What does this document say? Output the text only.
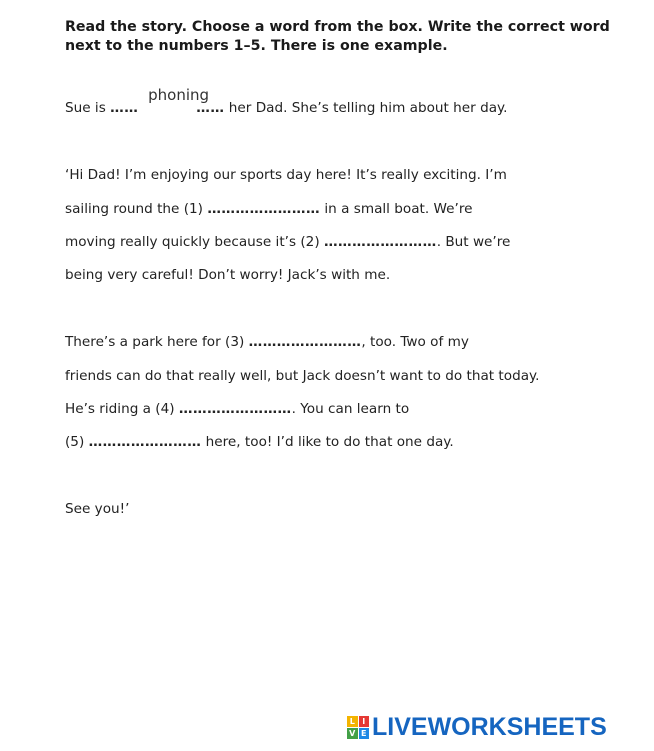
Read the story. Choose a word from the box. Write the correct word next to the numbers 1–5. There is one example.
Sue is ……
phoning
…… her Dad. She’s telling him about her day.
‘Hi Dad! I’m enjoying our sports day here! It’s really exciting. I’m
sailing round the (1) …………………… in a small boat. We’re
moving really quickly because it’s (2) ……………………. But we’re
being very careful! Don’t worry! Jack’s with me.
There’s a park here for (3) ……………………, too. Two of my
friends can do that really well, but Jack doesn’t want to do that today.
He’s riding a (4) ……………………. You can learn to
(5) …………………… here, too! I’d like to do that one day.
See you!’
L I
V E LIVEWORKSHEETS
